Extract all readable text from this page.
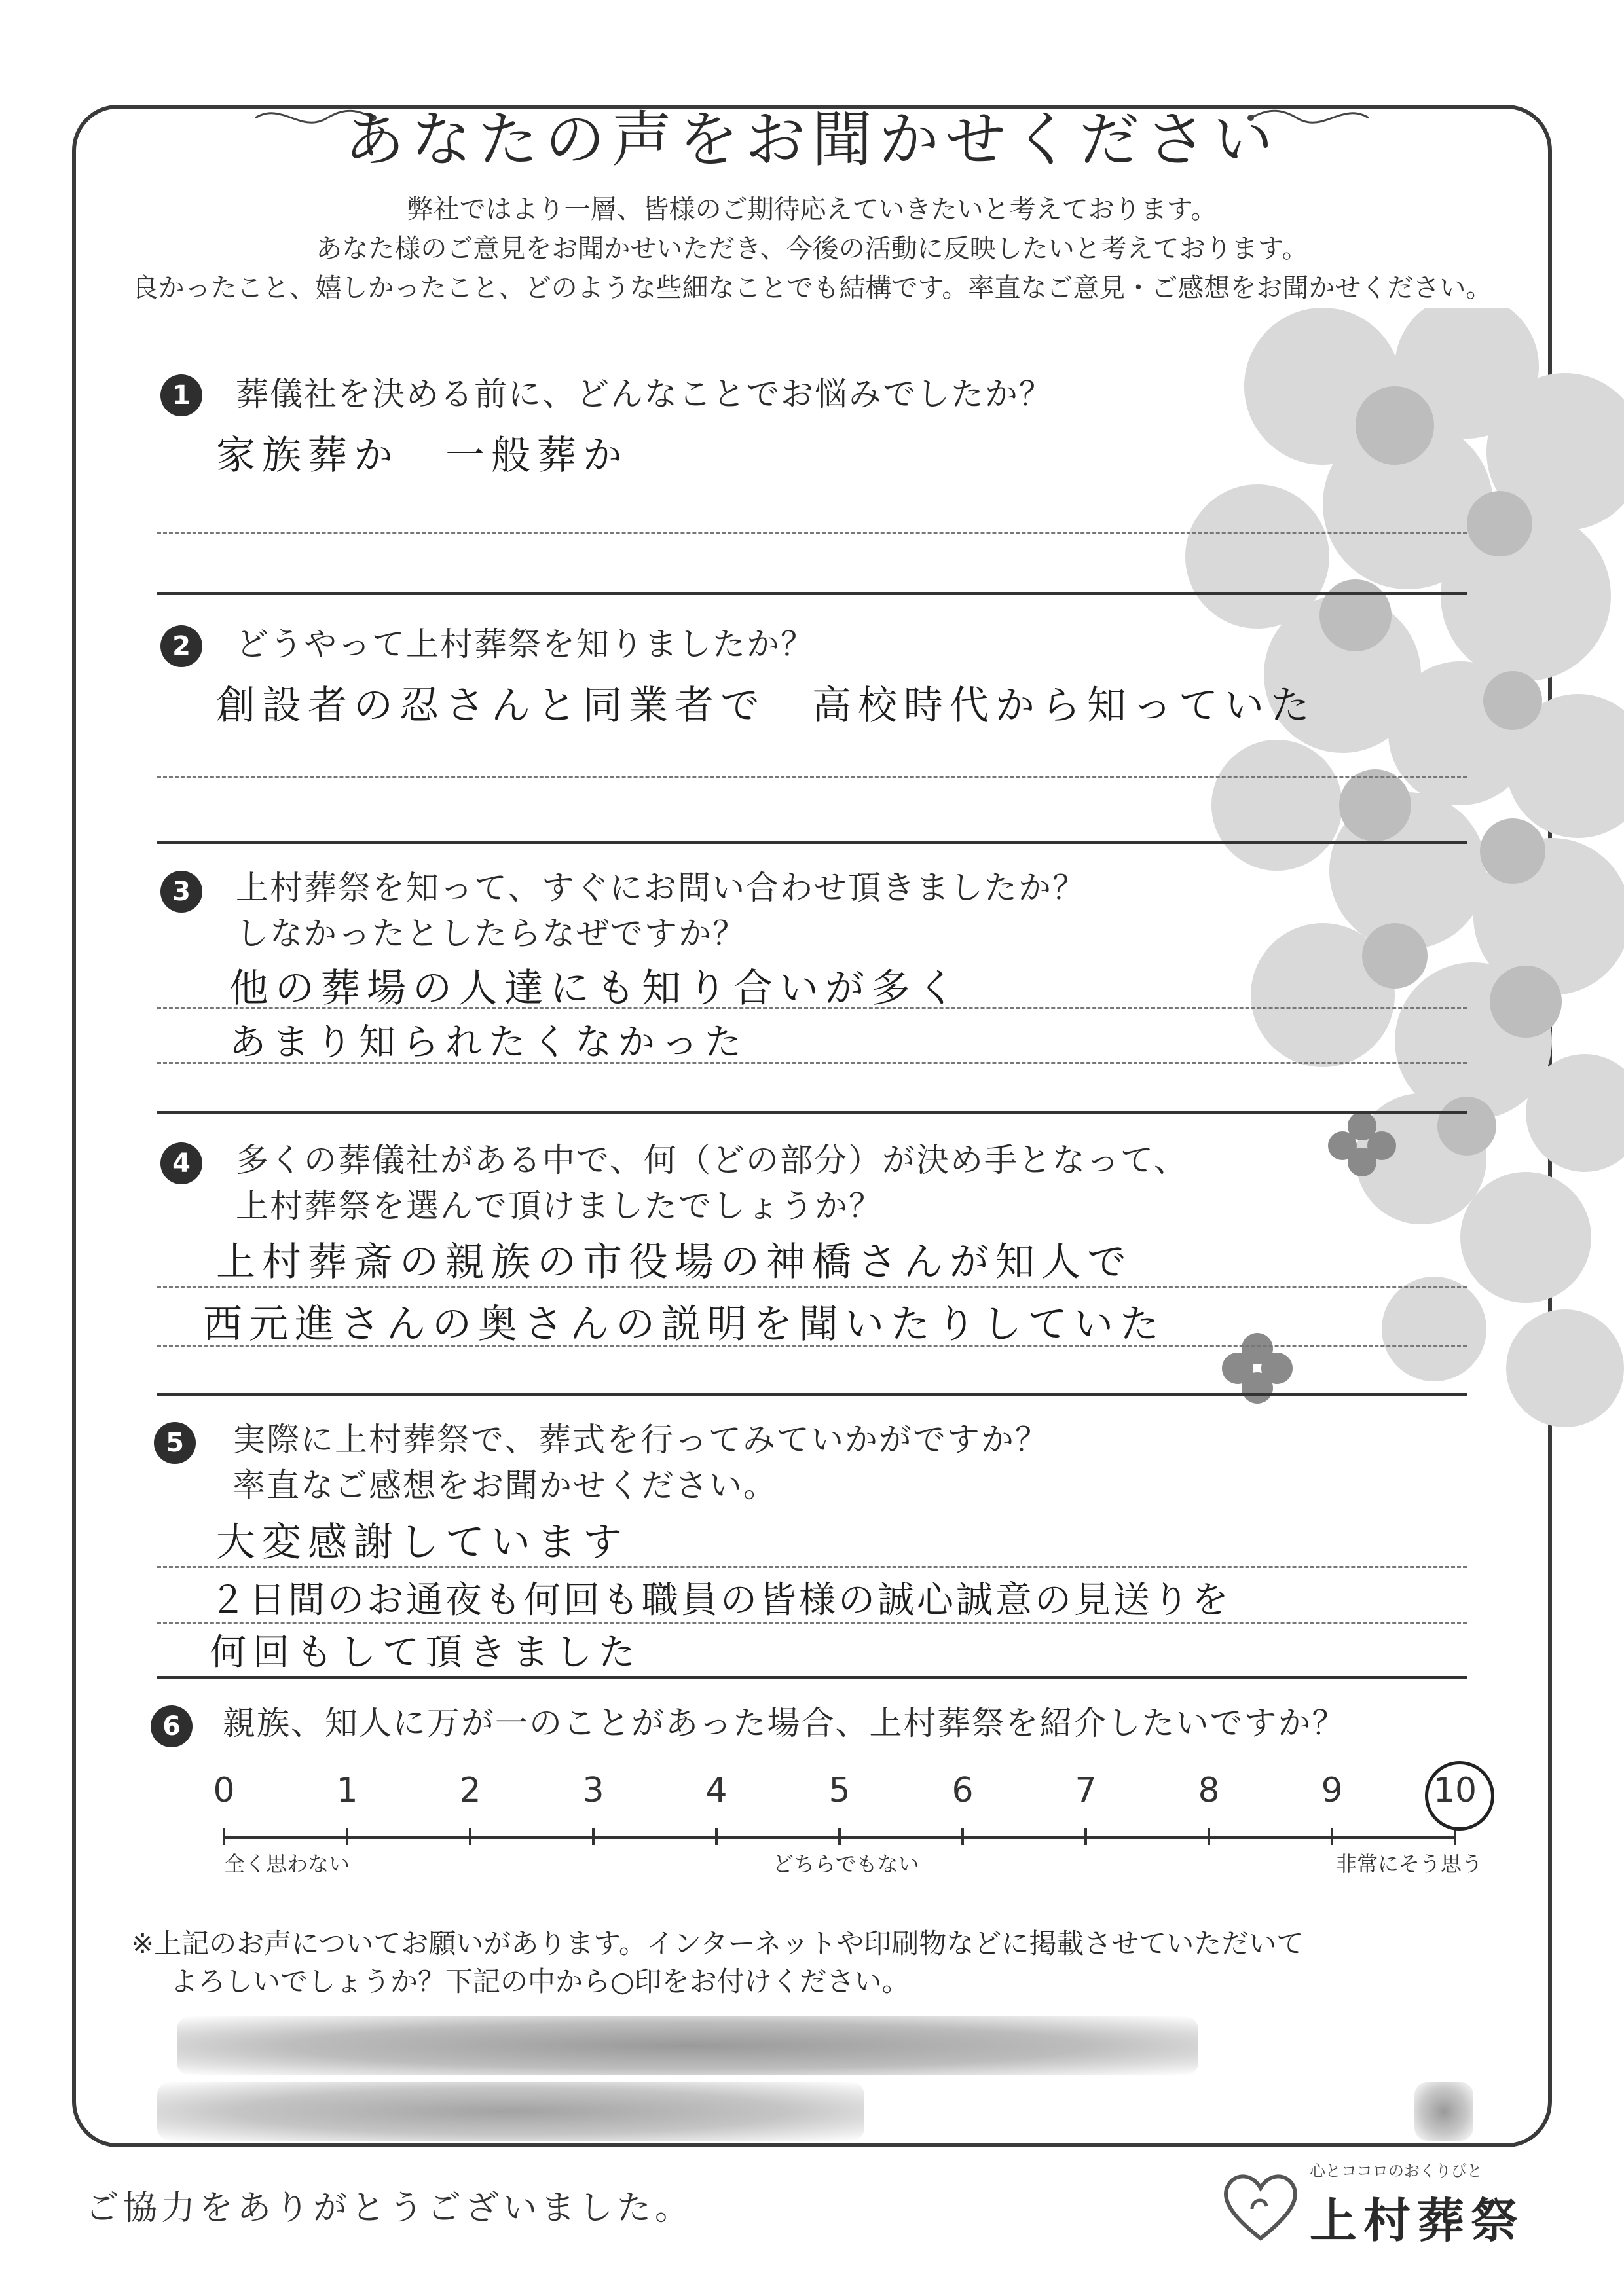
あなたの声をお聞かせください
弊社ではより一層、皆様のご期待応えていきたいと考えております。
あなた様のご意見をお聞かせいただき、今後の活動に反映したいと考えております。
良かったこと、嬉しかったこと、どのような些細なことでも結構です。率直なご意見・ご感想をお聞かせください。
1	葬儀社を決める前に、どんなことでお悩みでしたか？
家族葬か　一般葬か
2	どうやって上村葬祭を知りましたか？
創設者の忍さんと同業者で　高校時代から知っていた
3	上村葬祭を知って、すぐにお問い合わせ頂きましたか？
しなかったとしたらなぜですか？
他の葬場の人達にも知り合いが多く
あまり知られたくなかった
4	多くの葬儀社がある中で、何（どの部分）が決め手となって、
上村葬祭を選んで頂けましたでしょうか？
上村葬斎の親族の市役場の神橋さんが知人で
西元進さんの奥さんの説明を聞いたりしていた
5	実際に上村葬祭で、葬式を行ってみていかがですか？
率直なご感想をお聞かせください。
大変感謝しています
２日間のお通夜も何回も職員の皆様の誠心誠意の見送りを
何回もして頂きました
6	親族、知人に万が一のことがあった場合、上村葬祭を紹介したいですか？
0	1	2	3	4	5	6	7	8	9	10
全く思わない	どちらでもない	非常にそう思う
※上記のお声についてお願いがあります。インターネットや印刷物などに掲載させていただいて
よろしいでしょうか？下記の中から○印をお付けください。
ご協力をありがとうございました。
心とココロのおくりびと
上村葬祭
